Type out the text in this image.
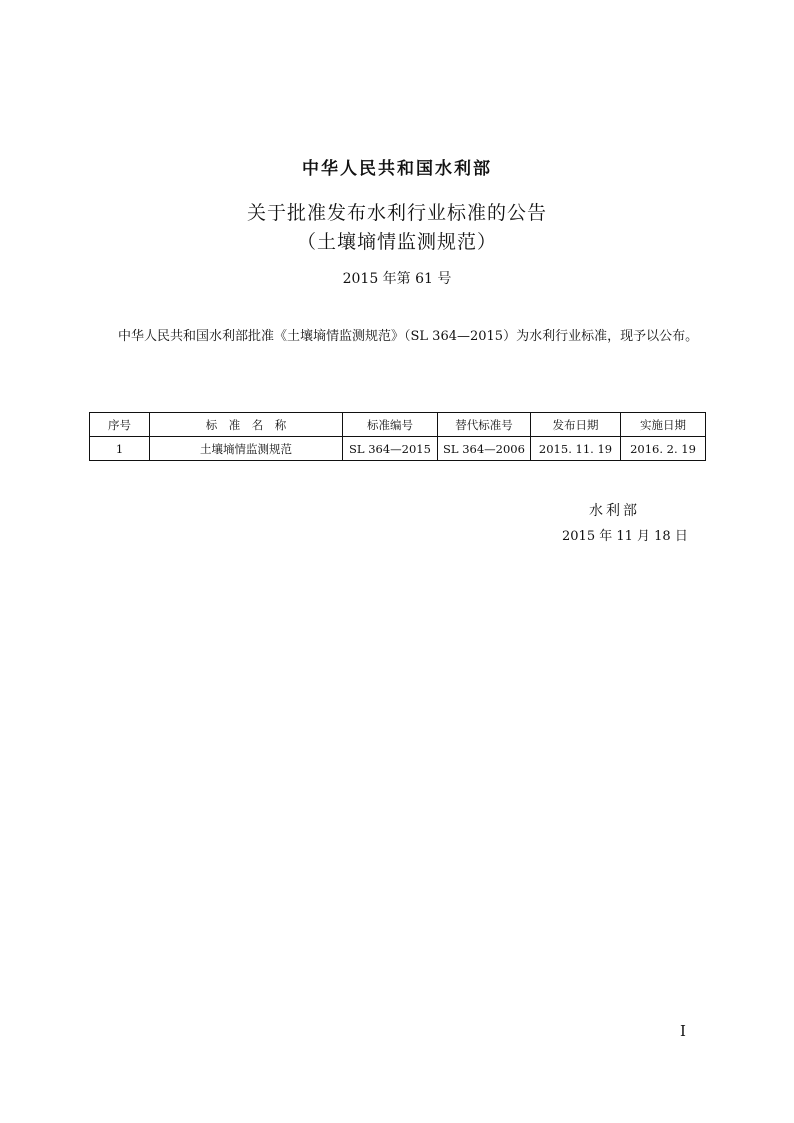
中华人民共和国水利部
关于批准发布水利行业标准的公告
（土壤墒情监测规范）
2015 年第 61 号
中华人民共和国水利部批准《土壤墒情监测规范》（SL 364—2015）为水利行业标准，现予以公布。
序号	标　准　名　称	标准编号	替代标准号	发布日期	实施日期
1	土壤墒情监测规范	SL 364—2015	SL 364—2006	2015. 11. 19	2016. 2. 19
水利部
2015 年 11 月 18 日
I
